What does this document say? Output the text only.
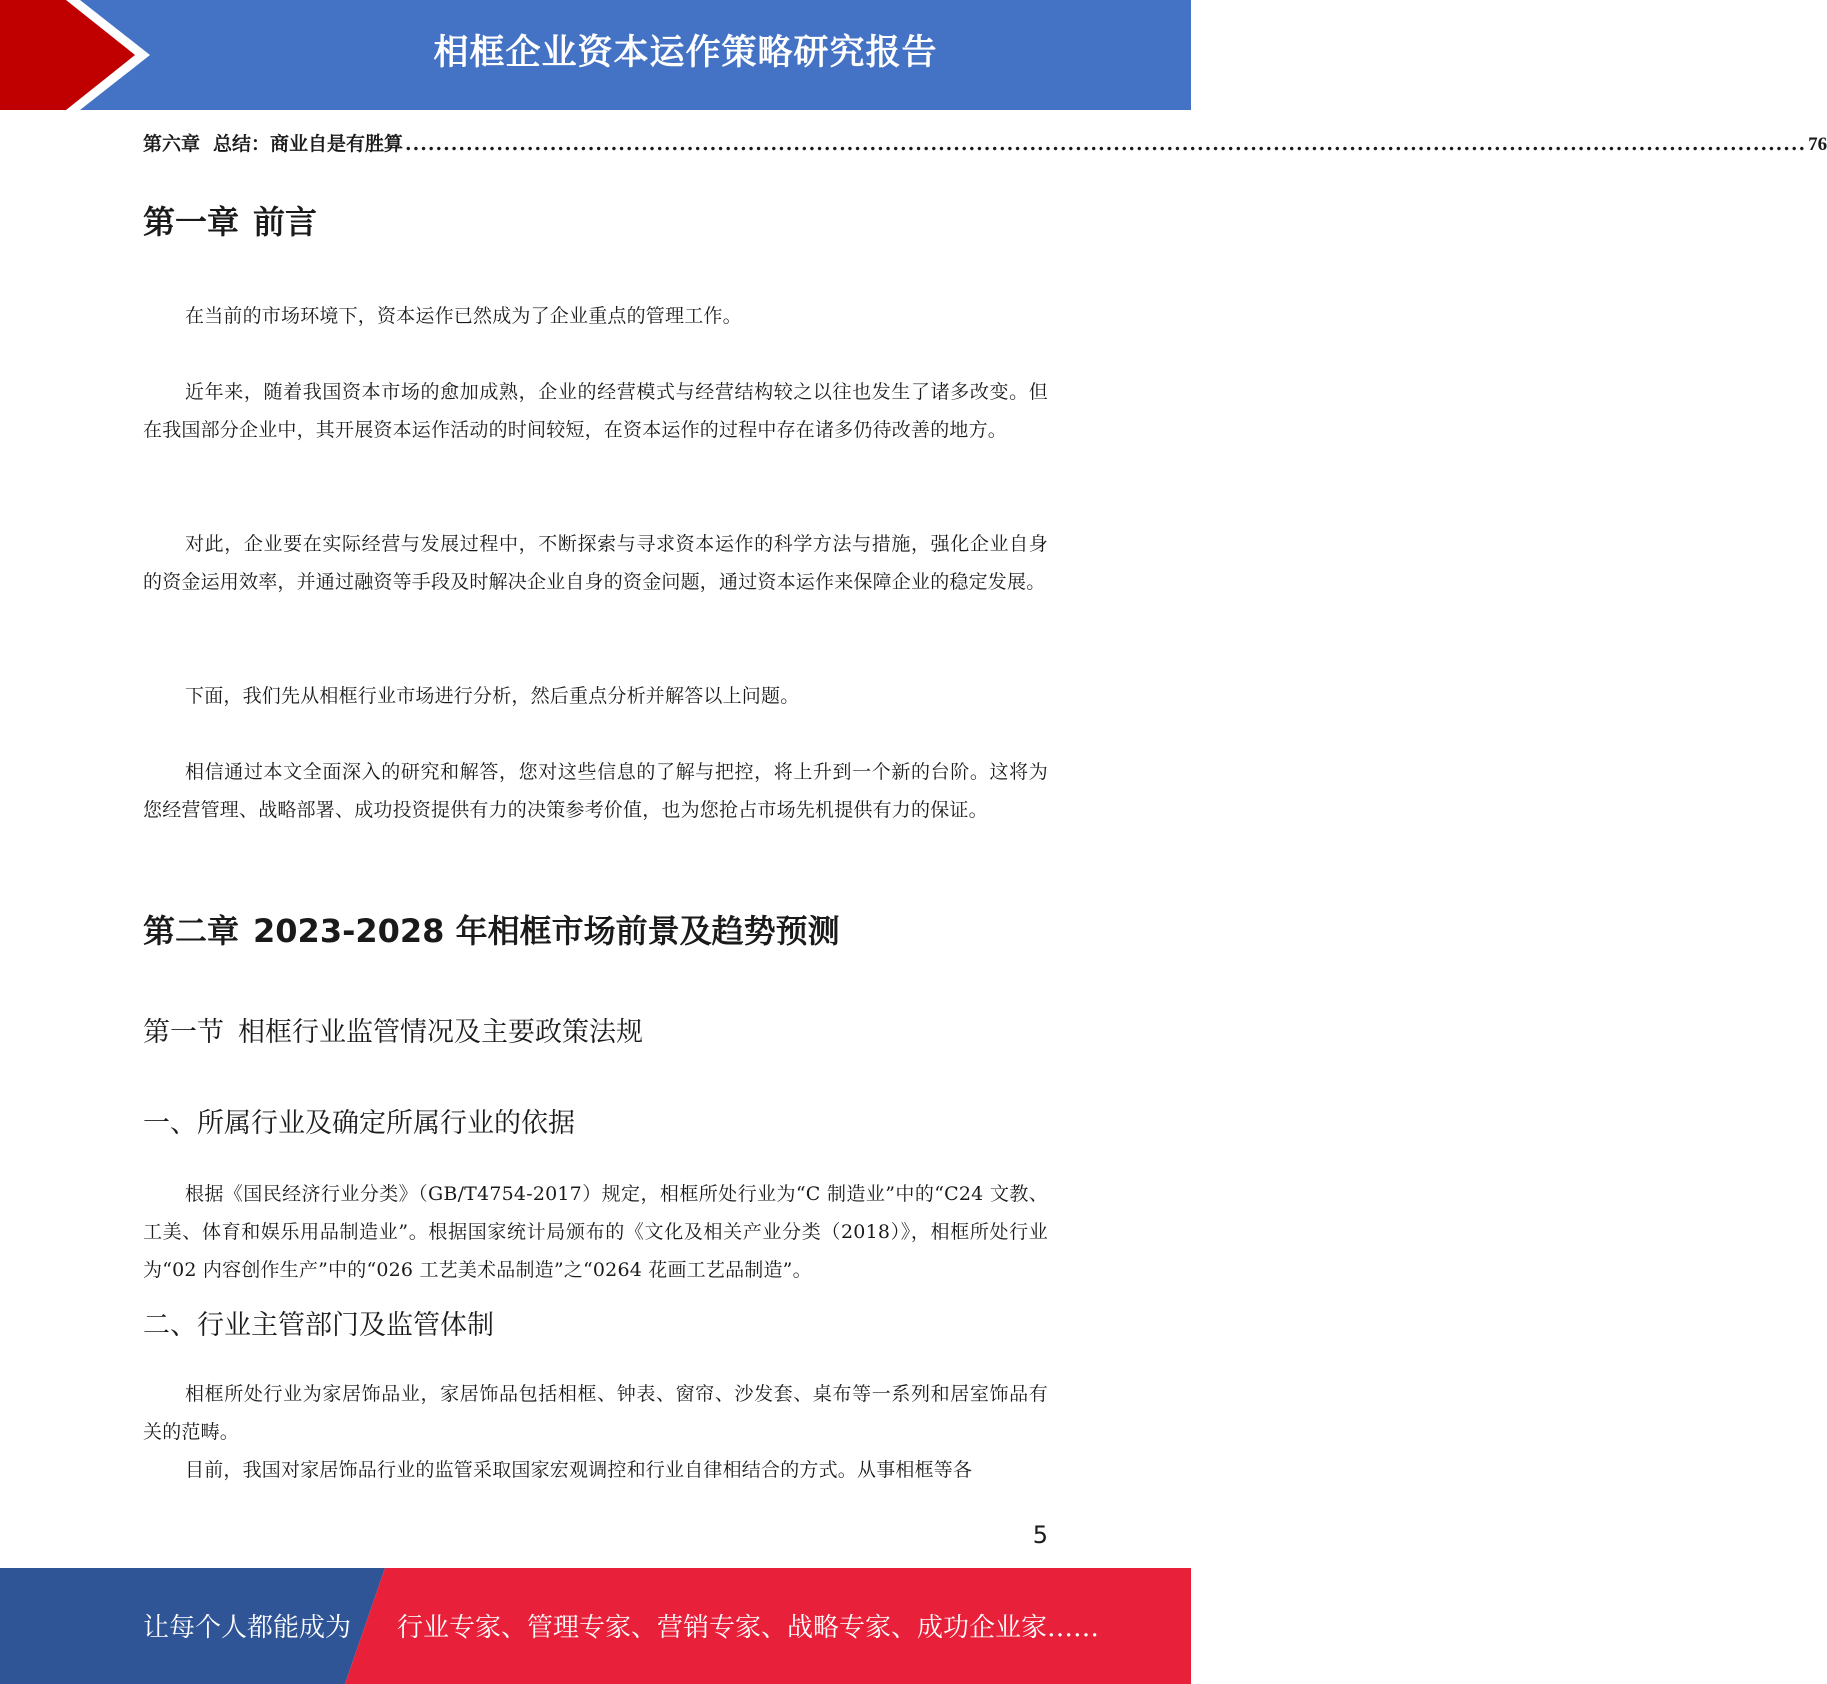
相框企业资本运作策略研究报告
第六章 总结：商业自是有胜算 ........................................................................................................................................................................................ 76
第一章 前言

在当前的市场环境下，资本运作已然成为了企业重点的管理工作。

近年来，随着我国资本市场的愈加成熟，企业的经营模式与经营结构较之以往也发生了诸多改变。但在我国部分企业中，其开展资本运作活动的时间较短，在资本运作的过程中存在诸多仍待改善的地方。

对此，企业要在实际经营与发展过程中，不断探索与寻求资本运作的科学方法与措施，强化企业自身的资金运用效率，并通过融资等手段及时解决企业自身的资金问题，通过资本运作来保障企业的稳定发展。

下面，我们先从相框行业市场进行分析，然后重点分析并解答以上问题。

相信通过本文全面深入的研究和解答，您对这些信息的了解与把控，将上升到一个新的台阶。这将为您经营管理、战略部署、成功投资提供有力的决策参考价值，也为您抢占市场先机提供有力的保证。

第二章 2023-2028 年相框市场前景及趋势预测
第一节 相框行业监管情况及主要政策法规
一、所属行业及确定所属行业的依据

根据《国民经济行业分类》（GB/T4754-2017）规定，相框所处行业为“C 制造业”中的“C24 文教、工美、体育和娱乐用品制造业”。根据国家统计局颁布的《文化及相关产业分类（2018）》，相框所处行业为“02 内容创作生产”中的“026 工艺美术品制造”之“0264 花画工艺品制造”。

二、行业主管部门及监管体制

相框所处行业为家居饰品业，家居饰品包括相框、钟表、窗帘、沙发套、桌布等一系列和居室饰品有关的范畴。

目前，我国对家居饰品行业的监管采取国家宏观调控和行业自律相结合的方式。从事相框等各

5
让每个人都能成为 行业专家、管理专家、营销专家、战略专家、成功企业家……
